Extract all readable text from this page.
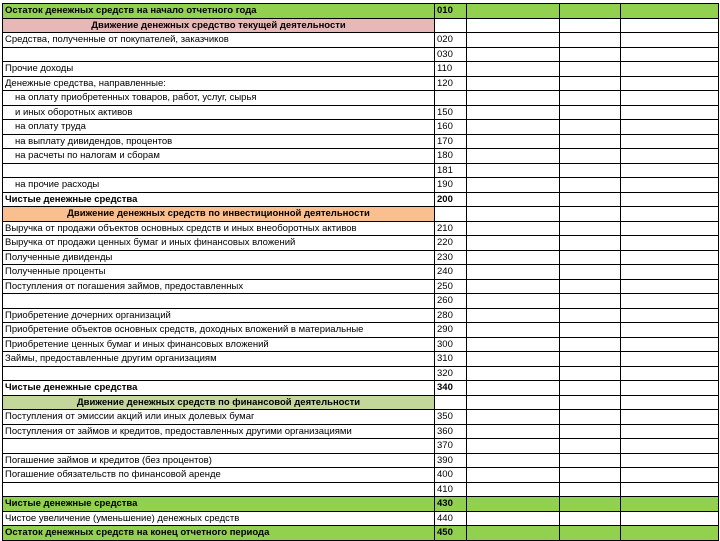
Остаток денежных средств на начало отчетного года	010			
Движение денежных средство текущей деятельности				
Средства, полученные от покупателей, заказчиков	020			
	030			
Прочие доходы	110			
Денежные средства, направленные:	120			
на оплату приобретенных товаров, работ, услуг, сырья				
и иных оборотных активов	150			
на оплату труда	160			
на выплату дивидендов, процентов	170			
на расчеты по налогам и сборам	180			
	181			
на прочие расходы	190			
Чистые денежные средства	200			
Движение денежных средств по инвестиционной деятельности				
Выручка от продажи объектов основных средств и иных внеоборотных активов	210			
Выручка от продажи ценных бумаг и иных финансовых вложений	220			
Полученные дивиденды	230			
Полученные проценты	240			
Поступления от погашения займов, предоставленных	250			
	260			
Приобретение дочерних организаций	280			
Приобретение объектов основных средств, доходных вложений в материальные	290			
Приобретение ценных бумаг и иных финансовых вложений	300			
Займы, предоставленные другим организациям	310			
	320			
Чистые денежные средства	340			
Движение денежных средств по финансовой деятельности				
Поступления от эмиссии акций или иных долевых бумаг	350			
Поступления от займов и кредитов, предоставленных другими организациями	360			
	370			
Погашение займов и кредитов (без процентов)	390			
Погашение обязательств по финансовой аренде	400			
	410			
Чистые денежные средства	430			
Чистое увеличение (уменьшение) денежных средств	440			
Остаток денежных средств на конец отчетного периода	450			
